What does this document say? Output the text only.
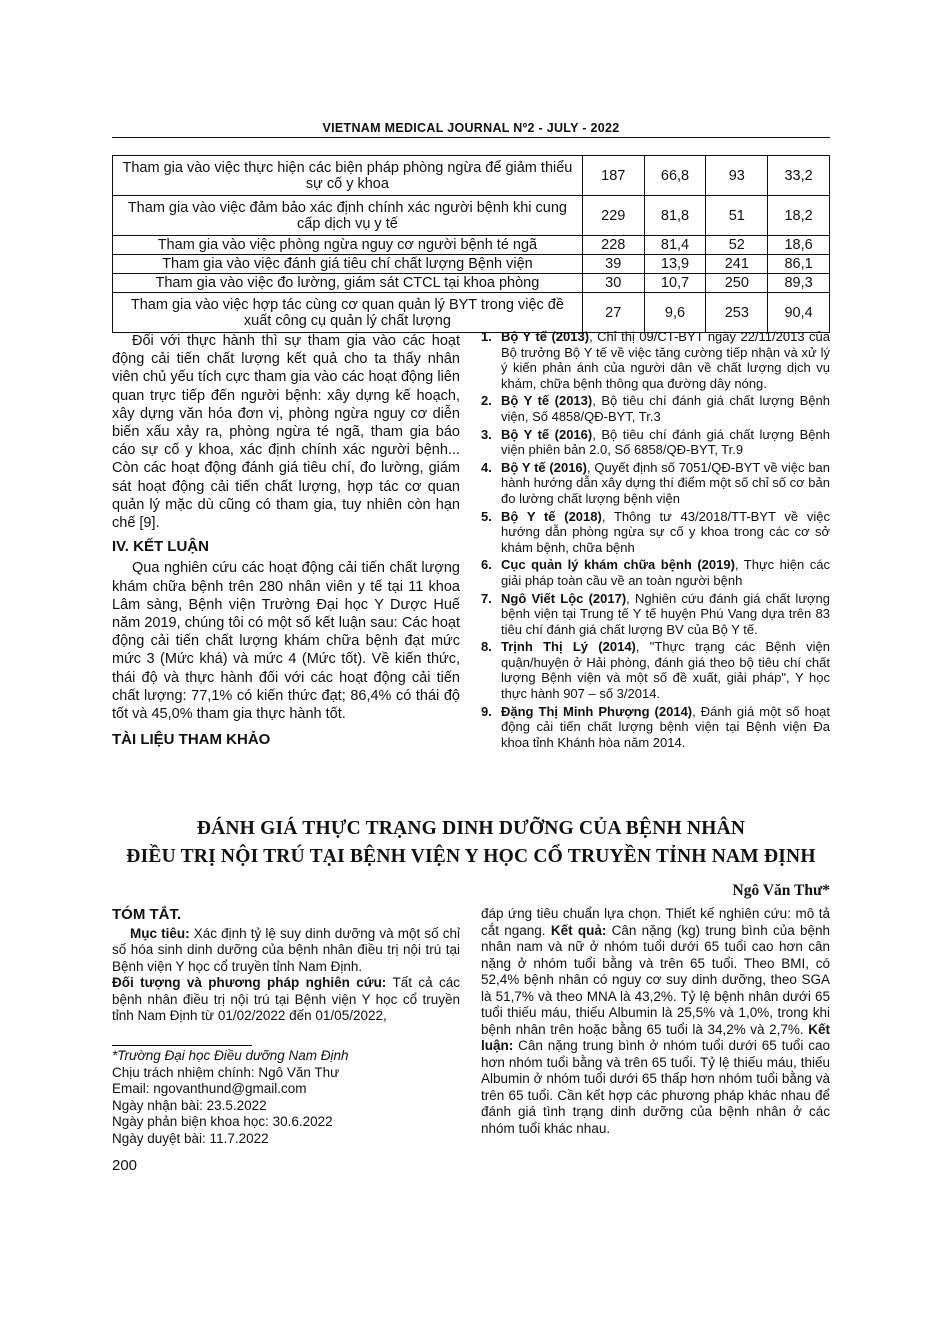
VIETNAM MEDICAL JOURNAL Nº2 - JULY - 2022
Tham gia vào việc thực hiện các biện pháp phòng ngừa để giảm thiểu sự cố y khoa	187	66,8	93	33,2
Tham gia vào việc đảm bảo xác định chính xác người bệnh khi cung cấp dịch vụ y tế	229	81,8	51	18,2
Tham gia vào việc phòng ngừa nguy cơ người bệnh té ngã	228	81,4	52	18,6
Tham gia vào việc đánh giá tiêu chí chất lượng Bệnh viện	39	13,9	241	86,1
Tham gia vào việc đo lường, giám sát CTCL tại khoa phòng	30	10,7	250	89,3
Tham gia vào việc hợp tác cùng cơ quan quản lý BYT trong việc đề xuất công cụ quản lý chất lượng	27	9,6	253	90,4

Đối với thực hành thì sự tham gia vào các hoạt động cải tiến chất lượng kết quả cho ta thấy nhân viên chủ yếu tích cực tham gia vào các hoạt động liên quan trực tiếp đến người bệnh: xây dựng kế hoạch, xây dựng văn hóa đơn vị, phòng ngừa nguy cơ diễn biến xấu xảy ra, phòng ngừa té ngã, tham gia báo cáo sự cố y khoa, xác định chính xác người bệnh... Còn các hoạt động đánh giá tiêu chí, đo lường, giám sát hoạt động cải tiến chất lượng, hợp tác cơ quan quản lý mặc dù cũng có tham gia, tuy nhiên còn hạn chế [9].

IV. KẾT LUẬN

Qua nghiên cứu các hoạt động cải tiến chất lượng khám chữa bệnh trên 280 nhân viên y tế tại 11 khoa Lâm sàng, Bệnh viện Trường Đại học Y Dược Huế năm 2019, chúng tôi có một số kết luận sau: Các hoạt động cải tiến chất lượng khám chữa bệnh đạt mức mức 3 (Mức khá) và mức 4 (Mức tốt). Về kiến thức, thái độ và thực hành đối với các hoạt động cải tiến chất lượng: 77,1% có kiến thức đạt; 86,4% có thái độ tốt và 45,0% tham gia thực hành tốt.

TÀI LIỆU THAM KHẢO
1. Bộ Y tế (2013), Chỉ thị 09/CT-BYT ngày 22/11/2013 của Bộ trưởng Bộ Y tế về việc tăng cường tiếp nhận và xử lý ý kiến phản ánh của người dân về chất lượng dịch vụ khám, chữa bệnh thông qua đường dây nóng.
2. Bộ Y tế (2013), Bộ tiêu chí đánh giá chất lượng Bệnh viện, Số 4858/QĐ-BYT, Tr.3
3. Bộ Y tế (2016), Bộ tiêu chí đánh giá chất lượng Bệnh viện phiên bản 2.0, Số 6858/QĐ-BYT, Tr.9
4. Bộ Y tế (2016), Quyết định số 7051/QĐ-BYT về việc ban hành hướng dẫn xây dựng thí điểm một số chỉ số cơ bản đo lường chất lượng bệnh viện
5. Bộ Y tế (2018), Thông tư 43/2018/TT-BYT về việc hướng dẫn phòng ngừa sự cố y khoa trong các cơ sở khám bệnh, chữa bệnh
6. Cục quản lý khám chữa bệnh (2019), Thực hiện các giải pháp toàn cầu về an toàn người bệnh
7. Ngô Viết Lộc (2017), Nghiên cứu đánh giá chất lượng bệnh viện tại Trung tế Y tế huyện Phú Vang dựa trên 83 tiêu chí đánh giá chất lượng BV của Bộ Y tế.
8. Trịnh Thị Lý (2014), "Thực trạng các Bệnh viện quận/huyện ở Hải phòng, đánh giá theo bộ tiêu chí chất lượng Bệnh viện và một số đề xuất, giải pháp", Y học thực hành 907 – số 3/2014.
9. Đặng Thị Minh Phượng (2014), Đánh giá một số hoạt động cải tiến chất lượng bệnh viện tại Bệnh viện Đa khoa tỉnh Khánh hòa năm 2014.
ĐÁNH GIÁ THỰC TRẠNG DINH DƯỠNG CỦA BỆNH NHÂN
ĐIỀU TRỊ NỘI TRÚ TẠI BỆNH VIỆN Y HỌC CỔ TRUYỀN TỈNH NAM ĐỊNH
Ngô Văn Thư*
TÓM TẮT.

Mục tiêu: Xác định tỷ lệ suy dinh dưỡng và một số chỉ số hóa sinh dinh dưỡng của bệnh nhân điều trị nội trú tại Bệnh viện Y học cổ truyền tỉnh Nam Định.

Đối tượng và phương pháp nghiên cứu: Tất cả các bệnh nhân điều trị nội trú tại Bệnh viện Y học cổ truyền tỉnh Nam Định từ 01/02/2022 đến 01/05/2022,

*Trường Đại học Điều dưỡng Nam Định
Chịu trách nhiệm chính: Ngô Văn Thư
Email: ngovanthund@gmail.com
Ngày nhận bài: 23.5.2022
Ngày phản biện khoa học: 30.6.2022
Ngày duyệt bài: 11.7.2022

đáp ứng tiêu chuẩn lựa chọn. Thiết kế nghiên cứu: mô tả cắt ngang. Kết quả: Cân nặng (kg) trung bình của bệnh nhân nam và nữ ở nhóm tuổi dưới 65 tuổi cao hơn cân nặng ở nhóm tuổi bằng và trên 65 tuổi. Theo BMI, có 52,4% bệnh nhân có nguy cơ suy dinh dưỡng, theo SGA là 51,7% và theo MNA là 43,2%. Tỷ lệ bệnh nhân dưới 65 tuổi thiếu máu, thiếu Albumin là 25,5% và 1,0%, trong khi bệnh nhân trên hoặc bằng 65 tuổi là 34,2% và 2,7%. Kết luận: Cân nặng trung bình ở nhóm tuổi dưới 65 tuổi cao hơn nhóm tuổi bằng và trên 65 tuổi. Tỷ lệ thiếu máu, thiếu Albumin ở nhóm tuổi dưới 65 thấp hơn nhóm tuổi bằng và trên 65 tuổi. Cần kết hợp các phương pháp khác nhau để đánh giá tình trạng dinh dưỡng của bệnh nhân ở các nhóm tuổi khác nhau.

200
